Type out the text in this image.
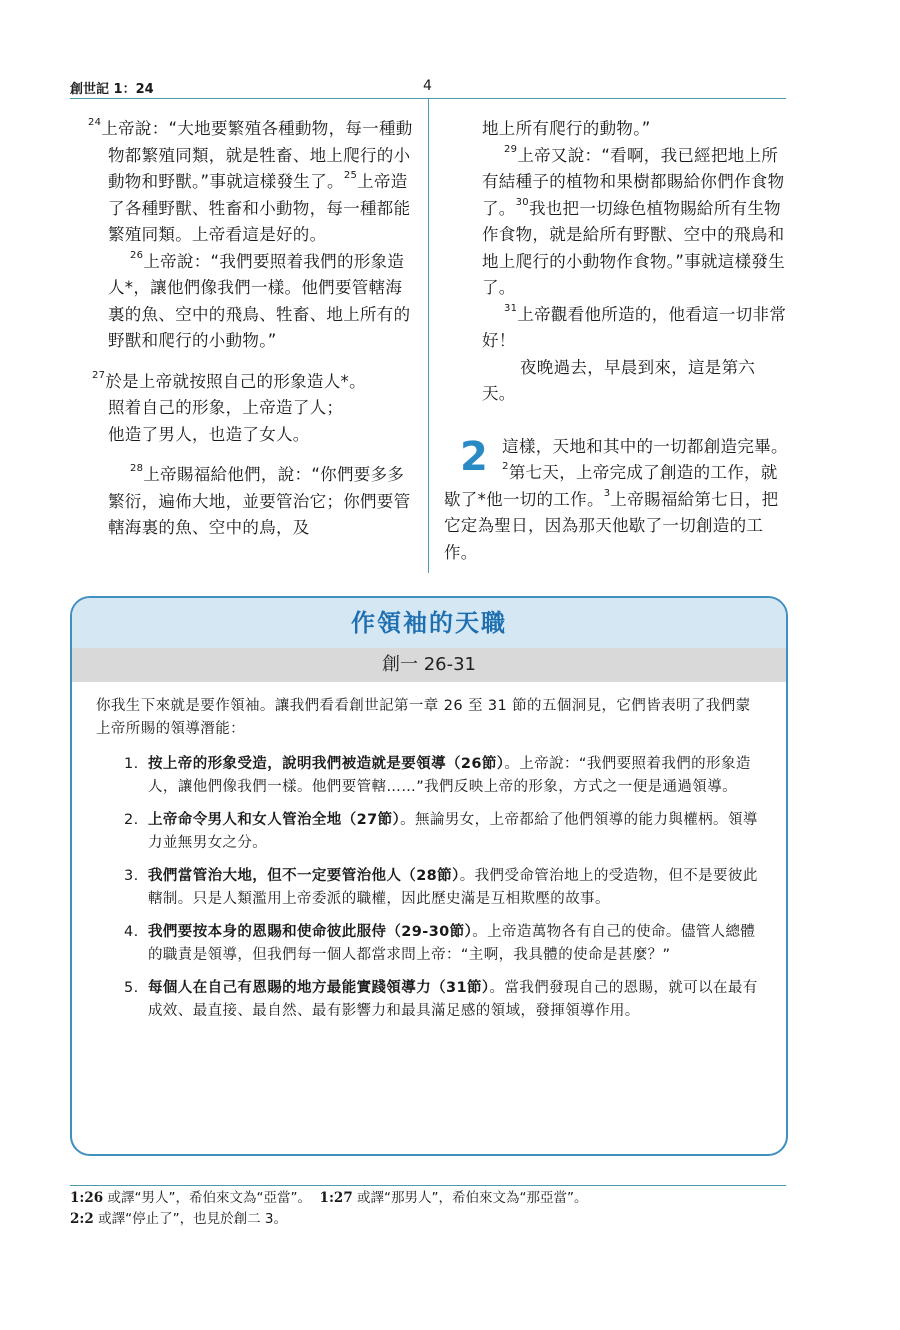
創世記 1：24	4

$^{24}$上帝說：“大地要繁殖各種動物，每一種動物都繁殖同類，就是牲畜、地上爬行的小動物和野獸。”事就這樣發生了。$^{25}$上帝造了各種野獸、牲畜和小動物，每一種都能繁殖同類。上帝看這是好的。

$^{26}$上帝說：“我們要照着我們的形象造人*，讓他們像我們一樣。他們要管轄海裏的魚、空中的飛鳥、牲畜、地上所有的野獸和爬行的小動物。”

$^{27}$於是上帝就按照自己的形象造人*。

照着自己的形象，上帝造了人；

他造了男人，也造了女人。

$^{28}$上帝賜福給他們，說：“你們要多多繁衍，遍佈大地，並要管治它；你們要管轄海裏的魚、空中的鳥，及

地上所有爬行的動物。”

$^{29}$上帝又說：“看啊，我已經把地上所有結種子的植物和果樹都賜給你們作食物了。$^{30}$我也把一切綠色植物賜給所有生物作食物，就是給所有野獸、空中的飛鳥和地上爬行的小動物作食物。”事就這樣發生了。

$^{31}$上帝觀看他所造的，他看這一切非常好！

夜晚過去，早晨到來，這是第六天。

2 這樣，天地和其中的一切都創造完畢。$^2$第七天，上帝完成了創造的工作，就歇了*他一切的工作。$^3$上帝賜福給第七日，把它定為聖日，因為那天他歇了一切創造的工作。
作領袖的天職
創一 26-31
你我生下來就是要作領袖。讓我們看看創世記第一章 26 至 31 節的五個洞見，它們皆表明了我們蒙上帝所賜的領導潛能：
1. 按上帝的形象受造，說明我們被造就是要領導（26節）。上帝說：“我們要照着我們的形象造人，讓他們像我們一樣。他們要管轄……”我們反映上帝的形象，方式之一便是通過領導。
2. 上帝命令男人和女人管治全地（27節）。無論男女，上帝都給了他們領導的能力與權柄。領導力並無男女之分。
3. 我們當管治大地，但不一定要管治他人（28節）。我們受命管治地上的受造物，但不是要彼此轄制。只是人類濫用上帝委派的職權，因此歷史滿是互相欺壓的故事。
4. 我們要按本身的恩賜和使命彼此服侍（29-30節）。上帝造萬物各有自己的使命。儘管人總體的職責是領導，但我們每一個人都當求問上帝：“主啊，我具體的使命是甚麼？”
5. 每個人在自己有恩賜的地方最能實踐領導力（31節）。當我們發現自己的恩賜，就可以在最有成效、最直接、最自然、最有影響力和最具滿足感的領域，發揮領導作用。
1:26 或譯“男人”，希伯來文為“亞當”。 1:27 或譯“那男人”，希伯來文為“那亞當”。
2:2 或譯“停止了”，也見於創二 3。
